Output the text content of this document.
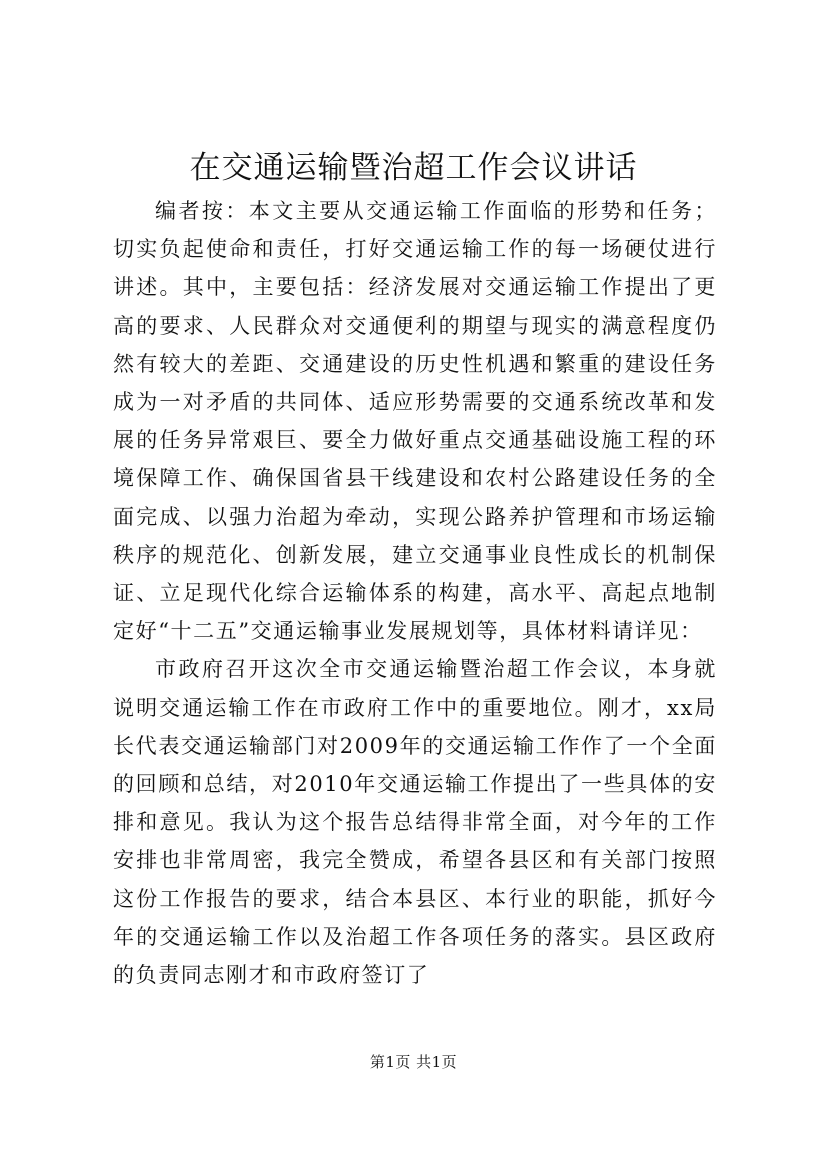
在交通运输暨治超工作会议讲话

编者按：本文主要从交通运输工作面临的形势和任务；切实负起使命和责任，打好交通运输工作的每一场硬仗进行讲述。其中，主要包括：经济发展对交通运输工作提出了更高的要求、人民群众对交通便利的期望与现实的满意程度仍然有较大的差距、交通建设的历史性机遇和繁重的建设任务成为一对矛盾的共同体、适应形势需要的交通系统改革和发展的任务异常艰巨、要全力做好重点交通基础设施工程的环境保障工作、确保国省县干线建设和农村公路建设任务的全面完成、以强力治超为牵动，实现公路养护管理和市场运输秩序的规范化、创新发展，建立交通事业良性成长的机制保证、立足现代化综合运输体系的构建，高水平、高起点地制定好“十二五”交通运输事业发展规划等，具体材料请详见：

市政府召开这次全市交通运输暨治超工作会议，本身就说明交通运输工作在市政府工作中的重要地位。刚才，xx局长代表交通运输部门对2009年的交通运输工作作了一个全面的回顾和总结，对2010年交通运输工作提出了一些具体的安排和意见。我认为这个报告总结得非常全面，对今年的工作安排也非常周密，我完全赞成，希望各县区和有关部门按照这份工作报告的要求，结合本县区、本行业的职能，抓好今年的交通运输工作以及治超工作各项任务的落实。县区政府的负责同志刚才和市政府签订了

第1页 共1页
